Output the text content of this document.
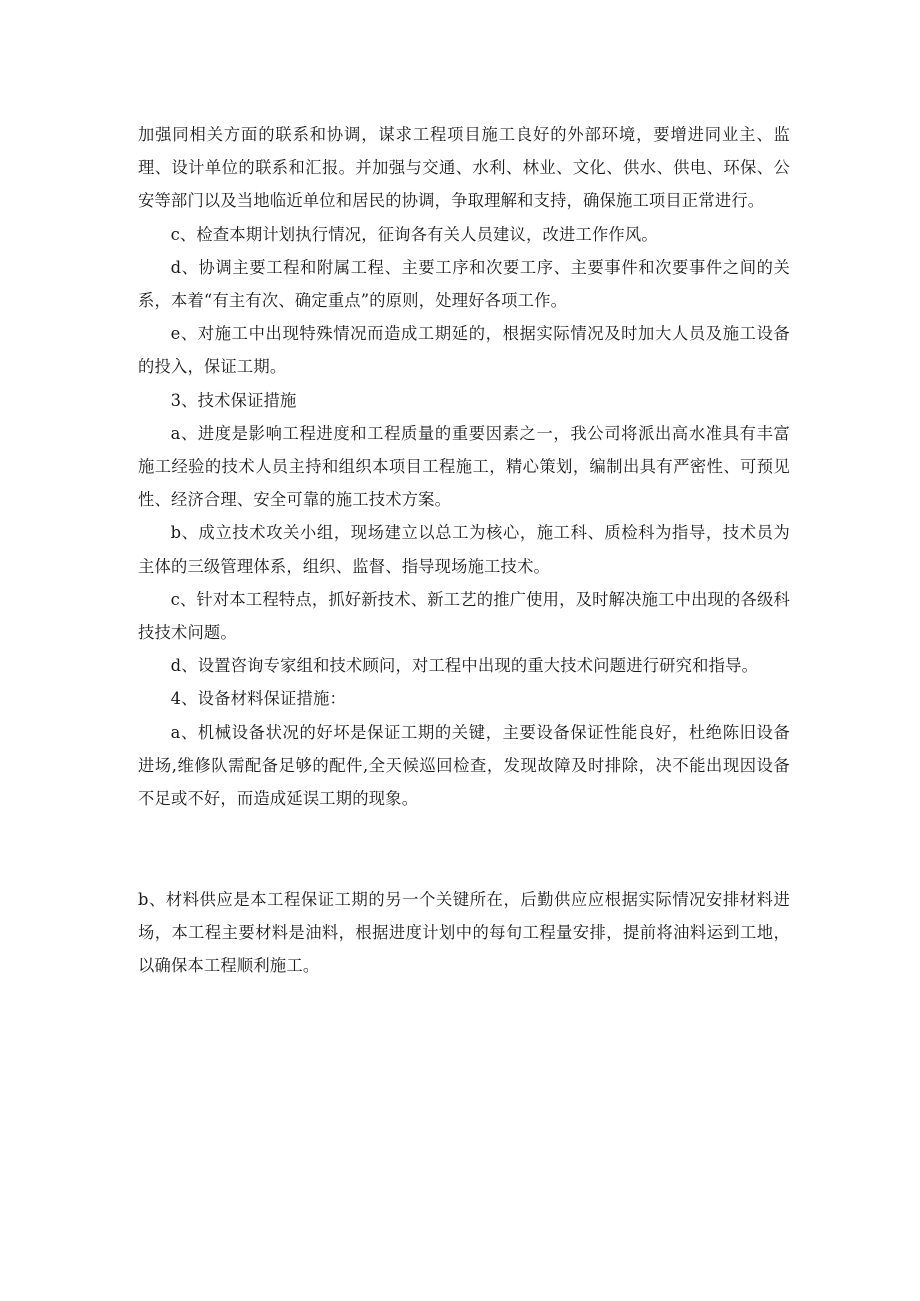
加强同相关方面的联系和协调，谋求工程项目施工良好的外部环境，要增进同业主、监理、设计单位的联系和汇报。并加强与交通、水利、林业、文化、供水、供电、环保、公安等部门以及当地临近单位和居民的协调，争取理解和支持，确保施工项目正常进行。

c、检查本期计划执行情况，征询各有关人员建议，改进工作作风。

d、协调主要工程和附属工程、主要工序和次要工序、主要事件和次要事件之间的关系，本着“有主有次、确定重点”的原则，处理好各项工作。

e、对施工中出现特殊情况而造成工期延的，根据实际情况及时加大人员及施工设备的投入，保证工期。

3、技术保证措施

a、进度是影响工程进度和工程质量的重要因素之一，我公司将派出高水准具有丰富施工经验的技术人员主持和组织本项目工程施工，精心策划，编制出具有严密性、可预见性、经济合理、安全可靠的施工技术方案。

b、成立技术攻关小组，现场建立以总工为核心，施工科、质检科为指导，技术员为主体的三级管理体系，组织、监督、指导现场施工技术。

c、针对本工程特点，抓好新技术、新工艺的推广使用，及时解决施工中出现的各级科技技术问题。

d、设置咨询专家组和技术顾问，对工程中出现的重大技术问题进行研究和指导。

4、设备材料保证措施：

a、机械设备状况的好坏是保证工期的关键，主要设备保证性能良好，杜绝陈旧设备进场,维修队需配备足够的配件,全天候巡回检查，发现故障及时排除，决不能出现因设备不足或不好，而造成延误工期的现象。

b、材料供应是本工程保证工期的另一个关键所在，后勤供应应根据实际情况安排材料进场，本工程主要材料是油料，根据进度计划中的每旬工程量安排，提前将油料运到工地，以确保本工程顺利施工。
